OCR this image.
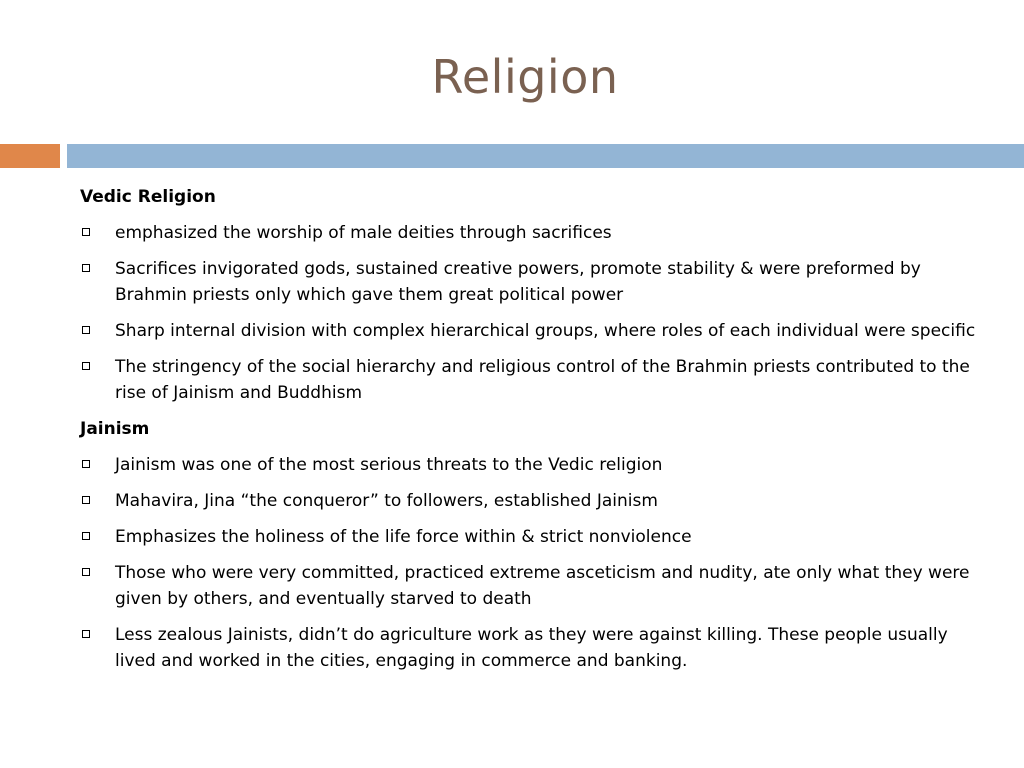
Religion
Vedic Religion
emphasized the worship of male deities through sacrifices
Sacrifices invigorated gods, sustained creative powers, promote stability & were preformed by Brahmin priests only which gave them great political power
Sharp internal division with complex hierarchical groups, where roles of each individual were specific
The stringency of the social hierarchy and religious control of the Brahmin priests contributed to the rise of Jainism and Buddhism
Jainism
Jainism was one of the most serious threats to the Vedic religion
Mahavira, Jina “the conqueror” to followers, established Jainism
Emphasizes the holiness of the life force within & strict nonviolence
Those who were very committed, practiced extreme asceticism and nudity, ate only what they were given by others, and eventually starved to death
Less zealous Jainists, didn’t do agriculture work as they were against killing. These people usually lived and worked in the cities, engaging in commerce and banking.
